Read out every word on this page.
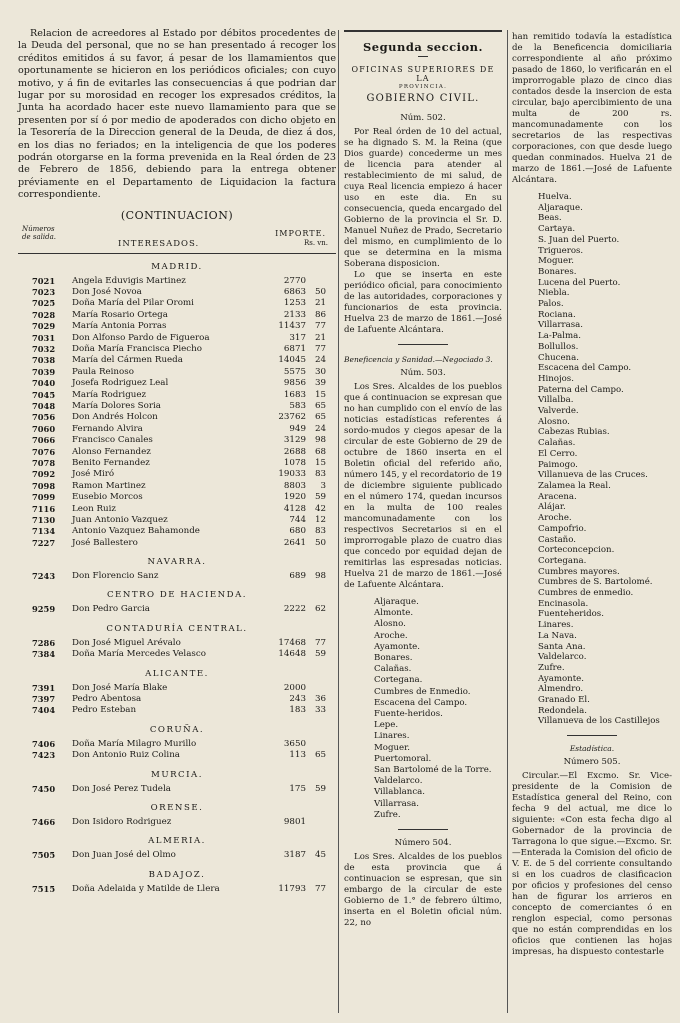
Relacion de acreedores al Estado por débitos procedentes de la Deuda del personal, que no se han presentado á recoger los créditos emitidos á su favor, á pesar de los llamamientos que oportunamente se hicieron en los periódicos oficiales; con cuyo motivo, y á fin de evitarles las consecuencias á que podrian dar lugar por su morosidad en recoger los expresados créditos, la Junta ha acordado hacer este nuevo llamamiento para que se presenten por sí ó por medio de apoderados con dicho objeto en la Tesorería de la Direccion general de la Deuda, de diez á dos, en los dias no feriados; en la inteligencia de que los poderes podrán otorgarse en la forma prevenida en la Real órden de 23 de Febrero de 1856, debiendo para la entrega obtener préviamente en el Departamento de Liquidacion la factura correspondiente.

(CONTINUACION)
Números de salida.
INTERESADOS.
IMPORTE.
Rs. vn.
MADRID.
7021 Angela Eduvigis Martinez	2770
7023 Don José Novoa	6863 50
7025 Doña María del Pilar Oromi	1253 21
7028 María Rosario Ortega	2133 86
7029 María Antonia Porras	11437 77
7031 Don Alfonso Pardo de Figueroa	317 21
7032 Doña María Francisca Piecho	6871 77
7038 María del Cármen Rueda	14045 24
7039 Paula Reinoso	5575 30
7040 Josefa Rodriguez Leal	9856 39
7045 María Rodriguez	1683 15
7048 María Dolores Soria	583 65
7056 Don Andrés Holcon	23762 65
7060 Fernando Alvira	949 24
7066 Francisco Canales	3129 98
7076 Alonso Fernandez	2688 68
7078 Benito Fernandez	1078 15
7092 José Miró	19033 83
7098 Ramon Martinez	8803 3
7099 Eusebio Morcos	1920 59
7116 Leon Ruiz	4128 42
7130 Juan Antonio Vazquez	744 12
7134 Antonio Vazquez Bahamonde	680 83
7227 José Ballestero	2641 50
NAVARRA.
7243 Don Florencio Sanz	689 98
CENTRO DE HACIENDA.
9259 Don Pedro Garcia	2222 62
CONTADURÍA CENTRAL.
7286 Don José Miguel Arévalo	17468 77
7384 Doña María Mercedes Velasco	14648 59
ALICANTE.
7391 Don José María Blake	2000
7397 Pedro Abentosa	243 36
7404 Pedro Esteban	183 33
CORUÑA.
7406 Doña María Milagro Murillo	3650
7423 Don Antonio Ruiz Colina	113 65
MURCIA.
7450 Don José Perez Tudela	175 59
ORENSE.
7466 Don Isidoro Rodriguez	9801
ALMERIA.
7505 Don Juan José del Olmo	3187 45
BADAJOZ.
7515 Doña Adelaida y Matilde de Llera	11793 77
Segunda seccion.
OFICINAS SUPERIORES DE LA
PROVINCIA.
GOBIERNO CIVIL.
Núm. 502.

Por Real órden de 10 del actual, se ha dignado S. M. la Reina (que Dios guarde) concederme un mes de licencia para atender al restablecimiento de mi salud, de cuya Real licencia empiezo á hacer uso en este dia. En su consecuencia, queda encargado del Gobierno de la provincia el Sr. D. Manuel Nuñez de Prado, Secretario del mismo, en cumplimiento de lo que se determina en la misma Soberana disposicion.

Lo que se inserta en este periódico oficial, para conocimiento de las autoridades, corporaciones y funcionarios de esta provincia. Huelva 23 de marzo de 1861.—José de Lafuente Alcántara.

Beneficencia y Sanidad.—Negociado 3.
Núm. 503.

Los Sres. Alcaldes de los pueblos que á continuacion se expresan que no han cumplido con el envío de las noticias estadísticas referentes á sordo-mudos y ciegos apesar de la circular de este Gobierno de 29 de octubre de 1860 inserta en el Boletin oficial del referido año, número 145, y el recordatorio de 19 de diciembre siguiente publicado en el número 174, quedan incursos en la multa de 100 reales mancomunadamente con los respectivos Secretarios si en el improrrogable plazo de cuatro dias que concedo por equidad dejan de remitirlas las espresadas noticias. Huelva 21 de marzo de 1861.—José de Lafuente Alcántara.

Aljaraque.
Almonte.
Alosno.
Aroche.
Ayamonte.
Bonares.
Calañas.
Cortegana.
Cumbres de Enmedio.
Escacena del Campo.
Fuente-heridos.
Lepe.
Linares.
Moguer.
Puertomoral.
San Bartolomé de la Torre.
Valdelarco.
Villablanca.
Villarrasa.
Zufre.
Número 504.

Los Sres. Alcaldes de los pueblos de esta provincia que á continuacion se espresan, que sin embargo de la circular de este Gobierno de 1.° de febrero último, inserta en el Boletin oficial núm. 22, no

han remitido todavía la estadística de la Beneficencia domiciliaria correspondiente al año próximo pasado de 1860, lo verificarán en el improrrogable plazo de cinco dias contados desde la insercion de esta circular, bajo apercibimiento de una multa de 200 rs. mancomunadamente con los secretarios de las respectivas corporaciones, con que desde luego quedan conminados. Huelva 21 de marzo de 1861.—José de Lafuente Alcántara.

Huelva.
Aljaraque.
Beas.
Cartaya.
S. Juan del Puerto.
Trigueros.
Moguer.
Bonares.
Lucena del Puerto.
Niebla.
Palos.
Rociana.
Villarrasa.
La-Palma.
Bollullos.
Chucena.
Escacena del Campo.
Hinojos.
Paterna del Campo.
Villalba.
Valverde.
Alosno.
Cabezas Rubias.
Calañas.
El Cerro.
Paimogo.
Villanueva de las Cruces.
Zalamea la Real.
Aracena.
Alájar.
Aroche.
Campofrio.
Castaño.
Corteconcepcion.
Cortegana.
Cumbres mayores.
Cumbres de S. Bartolomé.
Cumbres de enmedio.
Encinasola.
Fuenteheridos.
Linares.
La Nava.
Santa Ana.
Valdelarco.
Zufre.
Ayamonte.
Almendro.
Granado El.
Redondela.
Villanueva de los Castillejos
Estadística.
Número 505.

Circular.—El Excmo. Sr. Vice-presidente de la Comision de Estadística general del Reino, con fecha 9 del actual, me dice lo siguiente: «Con esta fecha digo al Gobernador de la provincia de Tarragona lo que sigue.—Excmo. Sr.—Enterada la Comision del oficio de V. E. de 5 del corriente consultando si en los cuadros de clasificacion por oficios y profesiones del censo han de figurar los arrieros en concepto de comerciantes ó en renglon especial, como personas que no están comprendidas en los oficios que contienen las hojas impresas, ha dispuesto contestarle
